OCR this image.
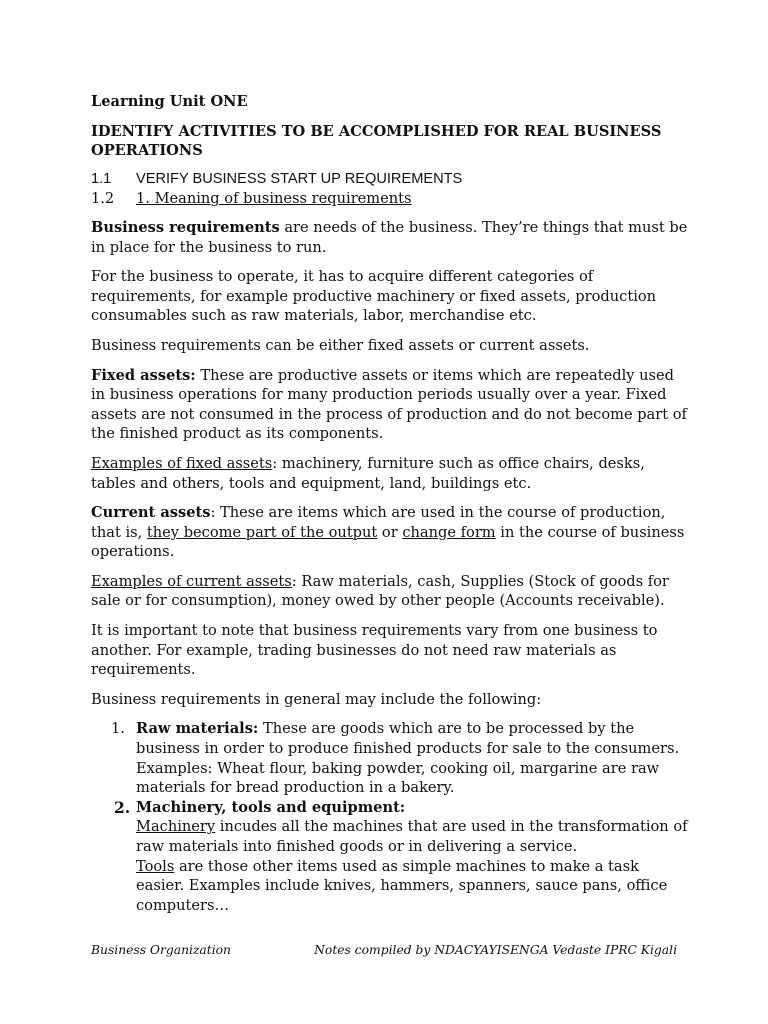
Learning Unit ONE
IDENTIFY ACTIVITIES TO BE ACCOMPLISHED FOR REAL BUSINESS OPERATIONS
1.1	VERIFY BUSINESS START UP REQUIREMENTS
1.2	1. Meaning of business requirements

Business requirements are needs of the business. They’re things that must be in place for the business to run.

For the business to operate, it has to acquire different categories of requirements, for example productive machinery or fixed assets, production consumables such as raw materials, labor, merchandise etc.

Business requirements can be either fixed assets or current assets.

Fixed assets: These are productive assets or items which are repeatedly used in business operations for many production periods usually over a year. Fixed assets are not consumed in the process of production and do not become part of the finished product as its components.

Examples of fixed assets: machinery, furniture such as office chairs, desks, tables and others, tools and equipment, land, buildings etc.

Current assets: These are items which are used in the course of production, that is, they become part of the output or change form in the course of business operations.

Examples of current assets: Raw materials, cash, Supplies (Stock of goods for sale or for consumption), money owed by other people (Accounts receivable).

It is important to note that business requirements vary from one business to another. For example, trading businesses do not need raw materials as requirements.

Business requirements in general may include the following:

1. Raw materials: These are goods which are to be processed by the business in order to produce finished products for sale to the consumers. Examples: Wheat flour, baking powder, cooking oil, margarine are raw materials for bread production in a bakery.
2. Machinery, tools and equipment:
Machinery incudes all the machines that are used in the transformation of raw materials into finished goods or in delivering a service.
Tools are those other items used as simple machines to make a task easier. Examples include knives, hammers, spanners, sauce pans, office computers…
Business Organization	Notes compiled by NDACYAYISENGA Vedaste IPRC Kigali
